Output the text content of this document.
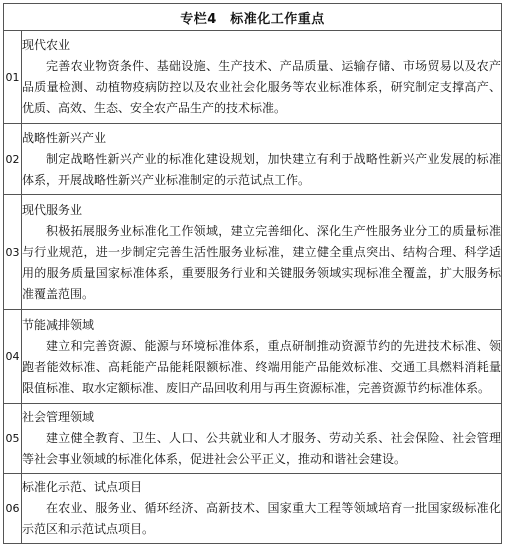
专栏4　标准化工作重点	
01	现代农业
完善农业物资条件、基础设施、生产技术、产品质量、运输存储、市场贸易以及农产品质量检测、动植物疫病防控以及农业社会化服务等农业标准体系，研究制定支撑高产、优质、高效、生态、安全农产品生产的技术标准。

02	战略性新兴产业
制定战略性新兴产业的标准化建设规划，加快建立有利于战略性新兴产业发展的标准体系，开展战略性新兴产业标准制定的示范试点工作。

03	现代服务业
积极拓展服务业标准化工作领域，建立完善细化、深化生产性服务业分工的质量标准与行业规范，进一步制定完善生活性服务业标准，建立健全重点突出、结构合理、科学适用的服务质量国家标准体系，重要服务行业和关键服务领域实现标准全覆盖，扩大服务标准覆盖范围。

04	节能减排领域
建立和完善资源、能源与环境标准体系，重点研制推动资源节约的先进技术标准、领跑者能效标准、高耗能产品能耗限额标准、终端用能产品能效标准、交通工具燃料消耗量限值标准、取水定额标准、废旧产品回收利用与再生资源标准，完善资源节约标准体系。

05	社会管理领域
建立健全教育、卫生、人口、公共就业和人才服务、劳动关系、社会保险、社会管理等社会事业领域的标准化体系，促进社会公平正义，推动和谐社会建设。

06	标准化示范、试点项目
在农业、服务业、循环经济、高新技术、国家重大工程等领域培育一批国家级标准化示范区和示范试点项目。
